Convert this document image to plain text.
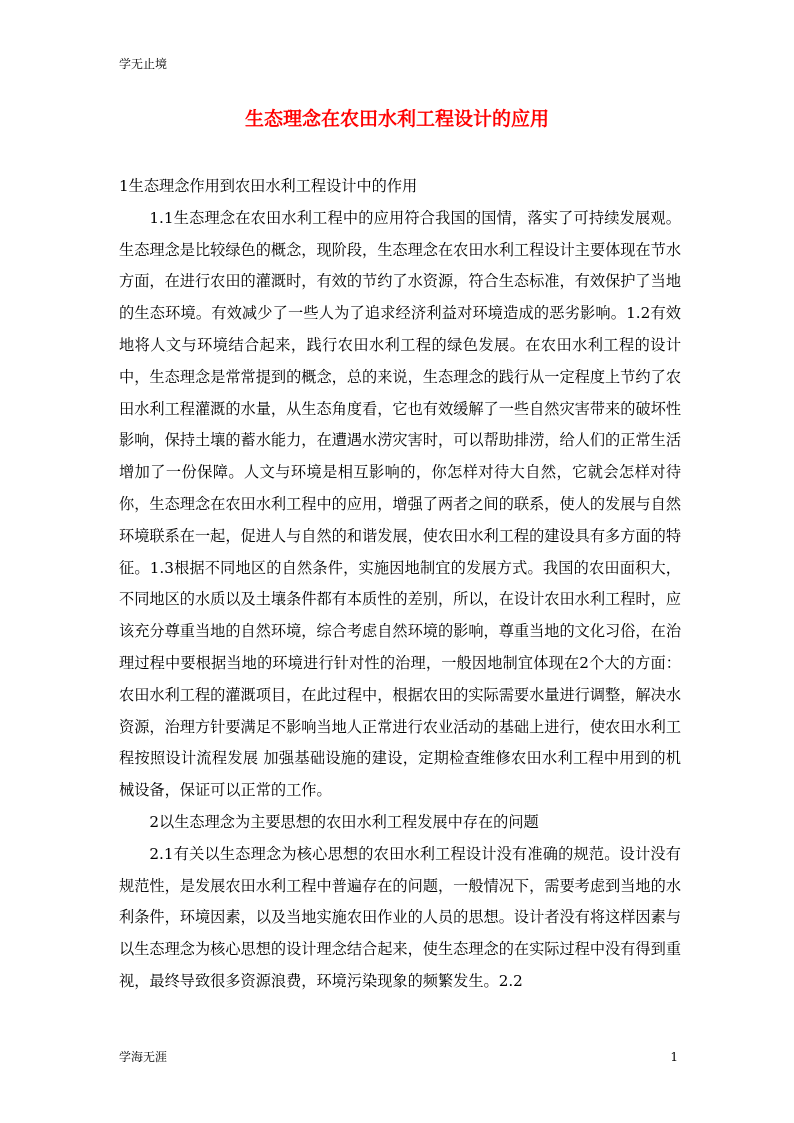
学无止境
生态理念在农田水利工程设计的应用

1生态理念作用到农田水利工程设计中的作用

1.1生态理念在农田水利工程中的应用符合我国的国情，落实了可持续发展观。生态理念是比较绿色的概念，现阶段，生态理念在农田水利工程设计主要体现在节水方面，在进行农田的灌溉时，有效的节约了水资源，符合生态标准，有效保护了当地的生态环境。有效减少了一些人为了追求经济利益对环境造成的恶劣影响。1.2有效地将人文与环境结合起来，践行农田水利工程的绿色发展。在农田水利工程的设计中，生态理念是常常提到的概念，总的来说，生态理念的践行从一定程度上节约了农田水利工程灌溉的水量，从生态角度看，它也有效缓解了一些自然灾害带来的破坏性影响，保持土壤的蓄水能力，在遭遇水涝灾害时，可以帮助排涝，给人们的正常生活增加了一份保障。人文与环境是相互影响的，你怎样对待大自然，它就会怎样对待你，生态理念在农田水利工程中的应用，增强了两者之间的联系，使人的发展与自然环境联系在一起，促进人与自然的和谐发展，使农田水利工程的建设具有多方面的特征。1.3根据不同地区的自然条件，实施因地制宜的发展方式。我国的农田面积大，不同地区的水质以及土壤条件都有本质性的差别，所以，在设计农田水利工程时，应该充分尊重当地的自然环境，综合考虑自然环境的影响，尊重当地的文化习俗，在治理过程中要根据当地的环境进行针对性的治理，一般因地制宜体现在2个大的方面：农田水利工程的灌溉项目，在此过程中，根据农田的实际需要水量进行调整，解决水资源，治理方针要满足不影响当地人正常进行农业活动的基础上进行，使农田水利工程按照设计流程发展 加强基础设施的建设，定期检查维修农田水利工程中用到的机械设备，保证可以正常的工作。

2以生态理念为主要思想的农田水利工程发展中存在的问题

2.1有关以生态理念为核心思想的农田水利工程设计没有准确的规范。设计没有规范性，是发展农田水利工程中普遍存在的问题，一般情况下，需要考虑到当地的水利条件，环境因素，以及当地实施农田作业的人员的思想。设计者没有将这样因素与以生态理念为核心思想的设计理念结合起来，使生态理念的在实际过程中没有得到重视，最终导致很多资源浪费，环境污染现象的频繁发生。2.2

学海无涯	1
